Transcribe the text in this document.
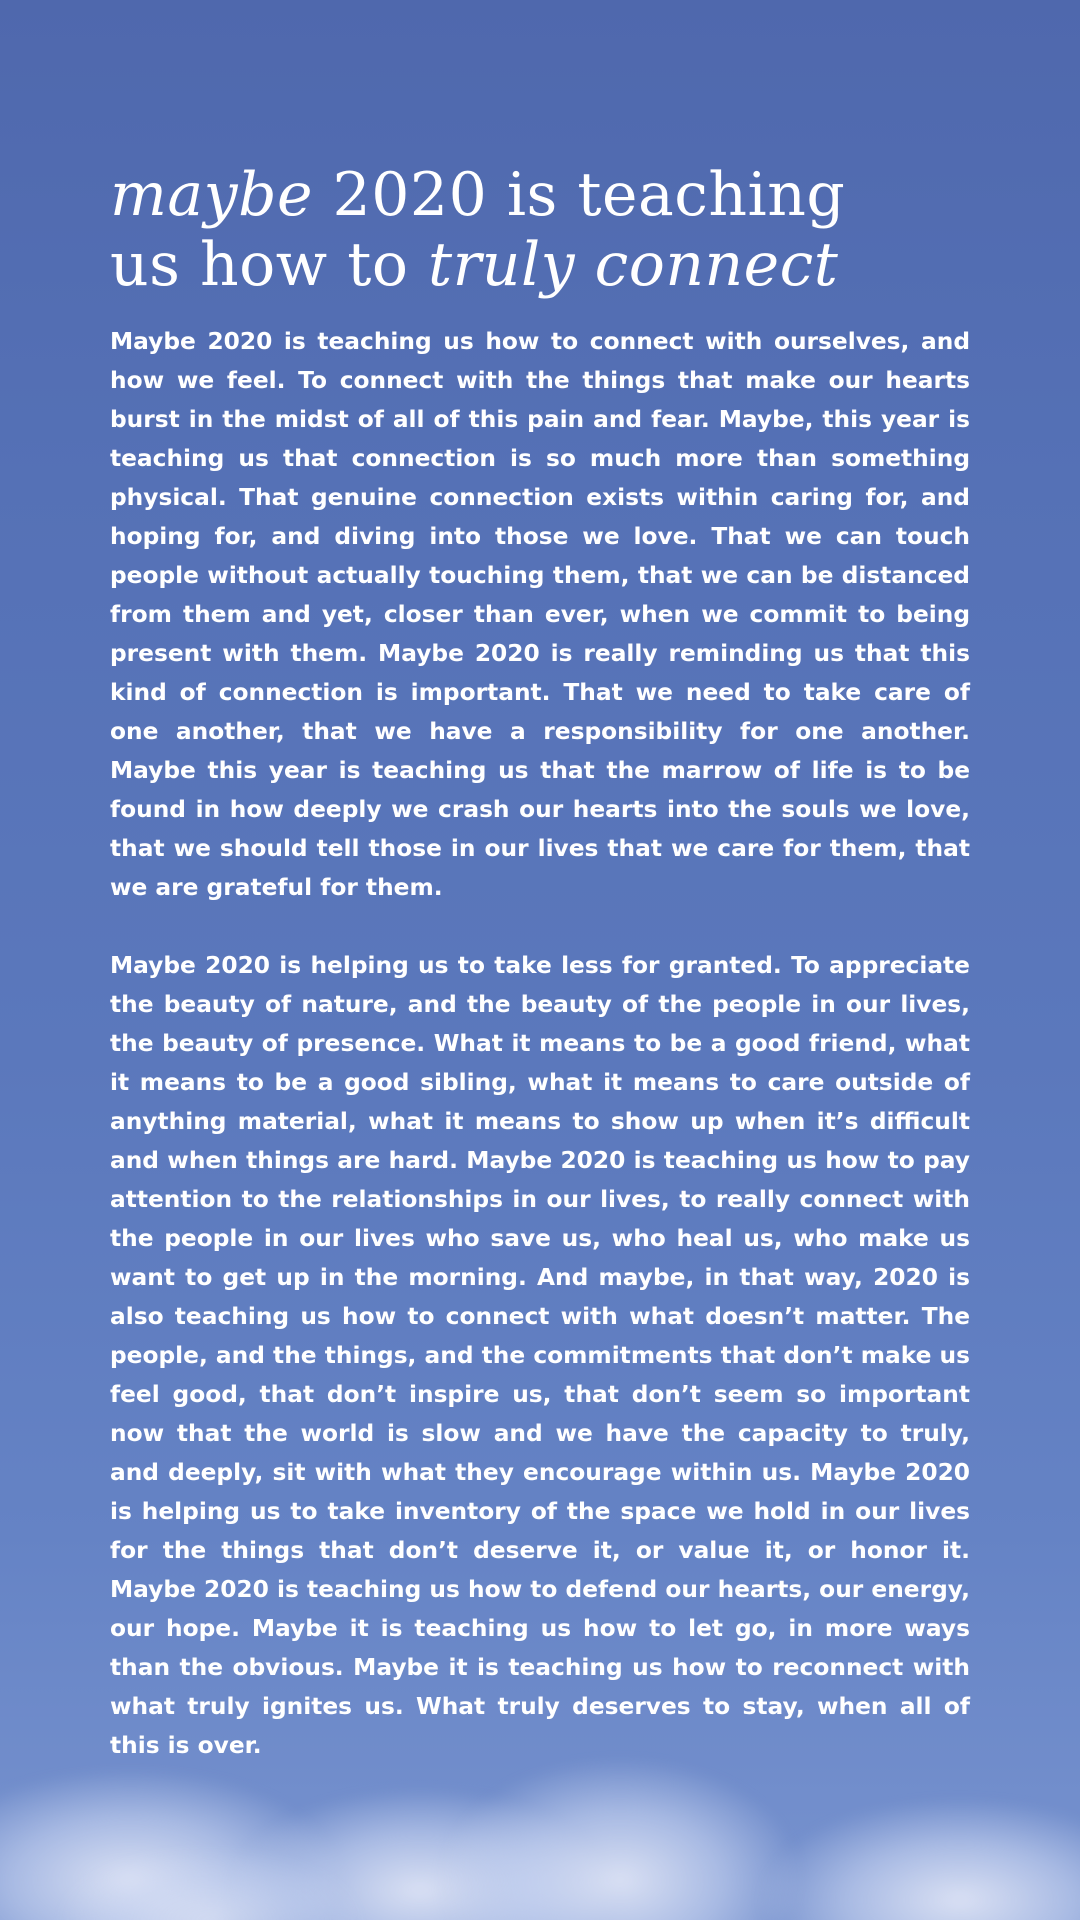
maybe 2020 is teaching
us how to truly connect

Maybe 2020 is teaching us how to connect with ourselves, and how we feel. To connect with the things that make our hearts burst in the midst of all of this pain and fear. Maybe, this year is teaching us that connection is so much more than something physical. That genuine connection exists within caring for, and hoping for, and diving into those we love. That we can touch people without actually touching them, that we can be distanced from them and yet, closer than ever, when we commit to being present with them. Maybe 2020 is really reminding us that this kind of connection is important. That we need to take care of one another, that we have a responsibility for one another. Maybe this year is teaching us that the marrow of life is to be found in how deeply we crash our hearts into the souls we love, that we should tell those in our lives that we care for them, that we are grateful for them.

Maybe 2020 is helping us to take less for granted. To appreciate the beauty of nature, and the beauty of the people in our lives, the beauty of presence. What it means to be a good friend, what it means to be a good sibling, what it means to care outside of anything material, what it means to show up when it’s difficult and when things are hard. Maybe 2020 is teaching us how to pay attention to the relationships in our lives, to really connect with the people in our lives who save us, who heal us, who make us want to get up in the morning. And maybe, in that way, 2020 is also teaching us how to connect with what doesn’t matter. The people, and the things, and the commitments that don’t make us feel good, that don’t inspire us, that don’t seem so important now that the world is slow and we have the capacity to truly, and deeply, sit with what they encourage within us. Maybe 2020 is helping us to take inventory of the space we hold in our lives for the things that don’t deserve it, or value it, or honor it. Maybe 2020 is teaching us how to defend our hearts, our energy, our hope. Maybe it is teaching us how to let go, in more ways than the obvious. Maybe it is teaching us how to reconnect with what truly ignites us. What truly deserves to stay, when all of this is over.
